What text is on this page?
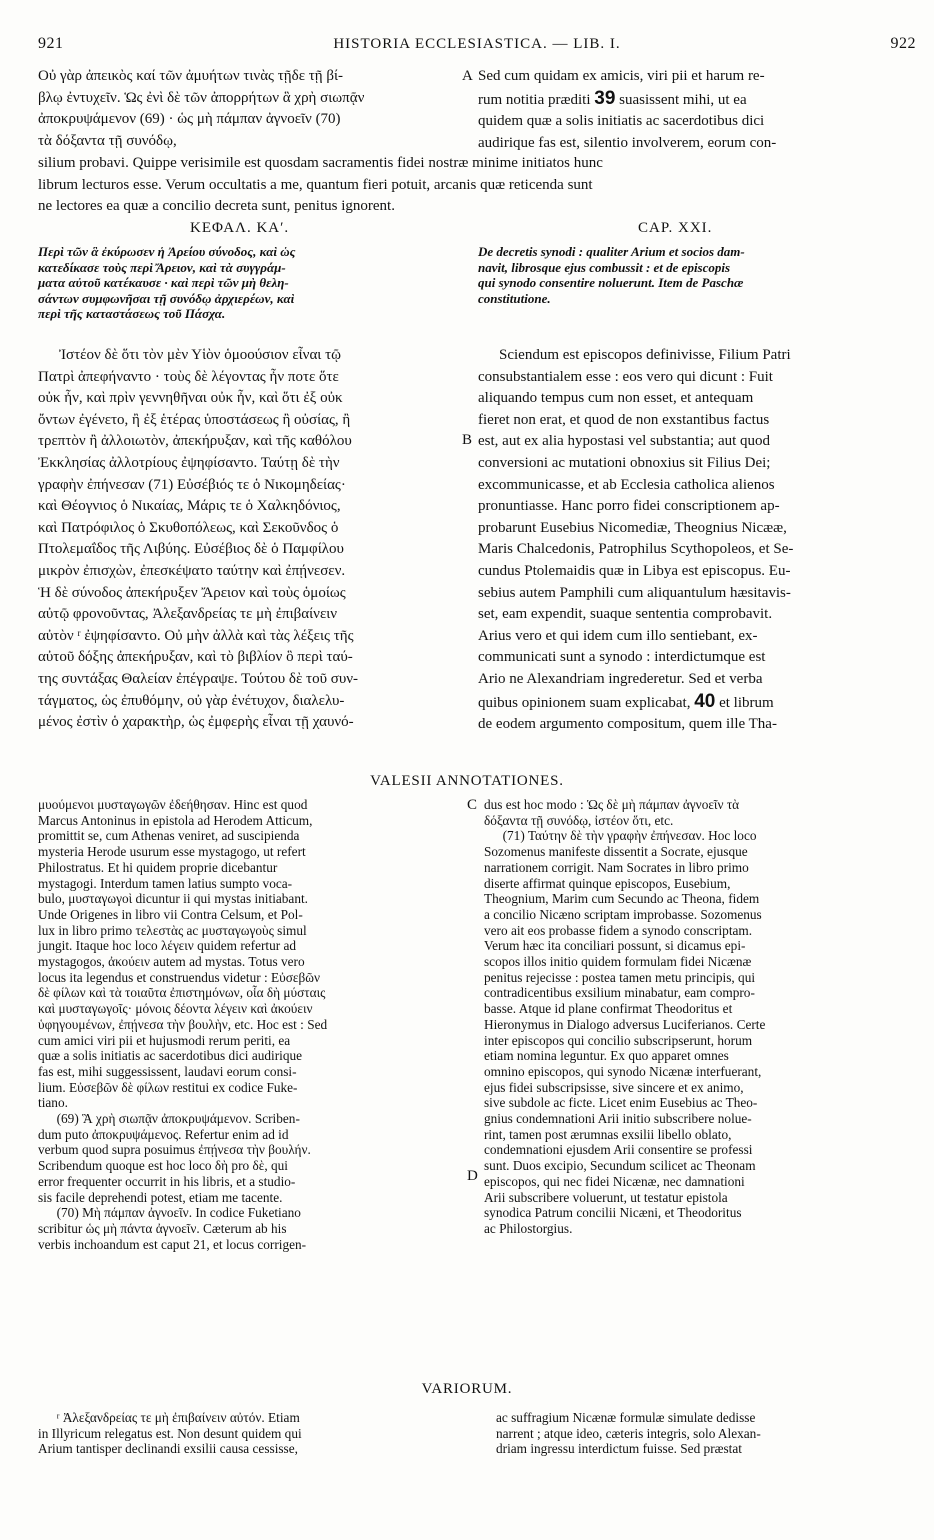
921	HISTORIA ECCLESIASTICA. — LIB. I.	922

Οὐ γὰρ ἀπεικὸς καί τῶν ἀμυήτων τινὰς τῇδε τῇ βί-

βλῳ ἐντυχεῖν. Ὡς ἐνὶ δὲ τῶν ἀπορρήτων ἃ χρὴ σιωπᾷν

ἀποκρυψάμενον (69) · ὡς μὴ πάμπαν ἀγνοεῖν (70)

τὰ δόξαντα τῇ συνόδῳ,

A Sed cum quidam ex amicis, viri pii et harum re-

rum notitia præditi 39 suasissent mihi, ut ea

quidem quæ a solis initiatis ac sacerdotibus dici

audirique fas est, silentio involverem, eorum con-

silium probavi. Quippe verisimile est quosdam sacramentis fidei nostræ minime initiatos hunc

librum lecturos esse. Verum occultatis a me, quantum fieri potuit, arcanis quæ reticenda sunt

ne lectores ea quæ a concilio decreta sunt, penitus ignorent.

ΚΕΦΑΛ. ΚΑʹ.	CAP. XXI.
Περὶ τῶν ἃ ἐκύρωσεν ἡ Ἀρείου σύνοδος, καὶ ὡς
κατεδίκασε τοὺς περὶ Ἄρειον, καὶ τὰ συγγράμ-
ματα αὐτοῦ κατέκαυσε · καὶ περὶ τῶν μὴ θελη-
σάντων συμφωνῆσαι τῇ συνόδῳ ἀρχιερέων, καὶ
περὶ τῆς καταστάσεως τοῦ Πάσχα.
De decretis synodi : qualiter Arium et socios dam-
navit, librosque ejus combussit : et de episcopis
qui synodo consentire noluerunt. Item de Paschæ
constitutione.

Ἰστέον δὲ ὅτι τὸν μὲν Υἱὸν ὁμοούσιον εἶναι τῷ

Πατρὶ ἀπεφήναντο · τοὺς δὲ λέγοντας ἦν ποτε ὅτε

οὐκ ἦν, καὶ πρὶν γεννηθῆναι οὐκ ἦν, καὶ ὅτι ἐξ οὐκ

ὄντων ἐγένετο, ἢ ἐξ ἑτέρας ὑποστάσεως ἢ οὐσίας, ἢ

τρεπτὸν ἢ ἀλλοιωτὸν, ἀπεκήρυξαν, καὶ τῆς καθόλου

Ἐκκλησίας ἀλλοτρίους ἐψηφίσαντο. Ταύτῃ δὲ τὴν

γραφὴν ἐπήνεσαν (71) Εὐσέβιός τε ὁ Νικομηδείας·

καὶ Θέογνιος ὁ Νικαίας, Μάρις τε ὁ Χαλκηδόνιος,

καὶ Πατρόφιλος ὁ Σκυθοπόλεως, καὶ Σεκοῦνδος ὁ

Πτολεμαΐδος τῆς Λιβύης. Εὐσέβιος δὲ ὁ Παμφίλου

μικρὸν ἐπισχὼν, ἐπεσκέψατο ταύτην καὶ ἐπῄνεσεν.

Ἡ δὲ σύνοδος ἀπεκήρυξεν Ἄρειον καὶ τοὺς ὁμοίως

αὐτῷ φρονοῦντας, Ἀλεξανδρείας τε μὴ ἐπιβαίνειν

αὐτὸν ʳ ἐψηφίσαντο. Οὐ μὴν ἀλλὰ καὶ τὰς λέξεις τῆς

αὐτοῦ δόξης ἀπεκήρυξαν, καὶ τὸ βιβλίον ὃ περὶ ταύ-

της συντάξας Θαλείαν ἐπέγραψε. Τούτου δὲ τοῦ συν-

τάγματος, ὡς ἐπυθόμην, οὐ γὰρ ἐνέτυχον, διαλελυ-

μένος ἐστὶν ὁ χαρακτὴρ, ὡς ἐμφερὴς εἶναι τῇ χαυνό-

B

Sciendum est episcopos definivisse, Filium Patri

consubstantialem esse : eos vero qui dicunt : Fuit

aliquando tempus cum non esset, et antequam

fieret non erat, et quod de non exstantibus factus

est, aut ex alia hypostasi vel substantia; aut quod

conversioni ac mutationi obnoxius sit Filius Dei;

excommunicasse, et ab Ecclesia catholica alienos

pronuntiasse. Hanc porro fidei conscriptionem ap-

probarunt Eusebius Nicomediæ, Theognius Nicææ,

Maris Chalcedonis, Patrophilus Scythopoleos, et Se-

cundus Ptolemaidis quæ in Libya est episcopus. Eu-

sebius autem Pamphili cum aliquantulum hæsitavis-

set, eam expendit, suaque sententia comprobavit.

Arius vero et qui idem cum illo sentiebant, ex-

communicati sunt a synodo : interdictumque est

Ario ne Alexandriam ingrederetur. Sed et verba

quibus opinionem suam explicabat, 40 et librum

de eodem argumento compositum, quem ille Tha-

VALESII ANNOTATIONES.

μυούμενοι μυσταγωγῶν ἐδεήθησαν. Hinc est quod

Marcus Antoninus in epistola ad Herodem Atticum,

promittit se, cum Athenas veniret, ad suscipienda

mysteria Herode usurum esse mystagogo, ut refert

Philostratus. Et hi quidem proprie dicebantur

mystagogi. Interdum tamen latius sumpto voca-

bulo, μυσταγωγοὶ dicuntur ii qui mystas initiabant.

Unde Origenes in libro vii Contra Celsum, et Pol-

lux in libro primo τελεστὰς ac μυσταγωγοὺς simul

jungit. Itaque hoc loco λέγειν quidem refertur ad

mystagogos, ἀκούειν autem ad mystas. Totus vero

locus ita legendus et construendus videtur : Εὐσεβῶν

δὲ φίλων καὶ τὰ τοιαῦτα ἐπιστημόνων, οἷα δὴ μύσταις

καὶ μυσταγωγοῖς· μόνοις δέοντα λέγειν καὶ ἀκούειν

ὑφηγουμένων, ἐπῄνεσα τὴν βουλὴν, etc. Hoc est : Sed

cum amici viri pii et hujusmodi rerum periti, ea

quæ a solis initiatis ac sacerdotibus dici audirique

fas est, mihi suggessissent, laudavi eorum consi-

lium. Εὐσεβῶν δὲ φίλων restitui ex codice Fuke-

tiano.

(69) Ἃ χρὴ σιωπᾷν ἀποκρυψάμενον. Scriben-

dum puto ἀποκρυψάμενος. Refertur enim ad id

verbum quod supra posuimus ἐπῄνεσα τὴν βουλήν.

Scribendum quoque est hoc loco δὴ pro δὲ, qui

error frequenter occurrit in his libris, et a studio-

sis facile deprehendi potest, etiam me tacente.

(70) Μὴ πάμπαν ἀγνοεῖν. In codice Fuketiano

scribitur ὡς μὴ πάντα ἀγνοεῖν. Cæterum ab his

verbis inchoandum est caput 21, et locus corrigen-

C
D

dus est hoc modo : Ὡς δὲ μὴ πάμπαν ἀγνοεῖν τὰ

δόξαντα τῇ συνόδῳ, ἰστέον ὅτι, etc.

(71) Ταύτην δὲ τὴν γραφὴν ἐπήνεσαν. Hoc loco

Sozomenus manifeste dissentit a Socrate, ejusque

narrationem corrigit. Nam Socrates in libro primo

diserte affirmat quinque episcopos, Eusebium,

Theognium, Marim cum Secundo ac Theona, fidem

a concilio Nicæno scriptam improbasse. Sozomenus

vero ait eos probasse fidem a synodo conscriptam.

Verum hæc ita conciliari possunt, si dicamus epi-

scopos illos initio quidem formulam fidei Nicænæ

penitus rejecisse : postea tamen metu principis, qui

contradicentibus exsilium minabatur, eam compro-

basse. Atque id plane confirmat Theodoritus et

Hieronymus in Dialogo adversus Luciferianos. Certe

inter episcopos qui concilio subscripserunt, horum

etiam nomina leguntur. Ex quo apparet omnes

omnino episcopos, qui synodo Nicænæ interfuerant,

ejus fidei subscripsisse, sive sincere et ex animo,

sive subdole ac ficte. Licet enim Eusebius ac Theo-

gnius condemnationi Arii initio subscribere nolue-

rint, tamen post ærumnas exsilii libello oblato,

condemnationi ejusdem Arii consentire se professi

sunt. Duos excipio, Secundum scilicet ac Theonam

episcopos, qui nec fidei Nicænæ, nec damnationi

Arii subscribere voluerunt, ut testatur epistola

synodica Patrum concilii Nicæni, et Theodoritus

ac Philostorgius.

VARIORUM.

ʳ Ἀλεξανδρείας τε μὴ ἐπιβαίνειν αὐτόν. Etiam

in Illyricum relegatus est. Non desunt quidem qui

Arium tantisper declinandi exsilii causa cessisse,

ac suffragium Nicænæ formulæ simulate dedisse

narrent ; atque ideo, cæteris integris, solo Alexan-

driam ingressu interdictum fuisse. Sed præstat
